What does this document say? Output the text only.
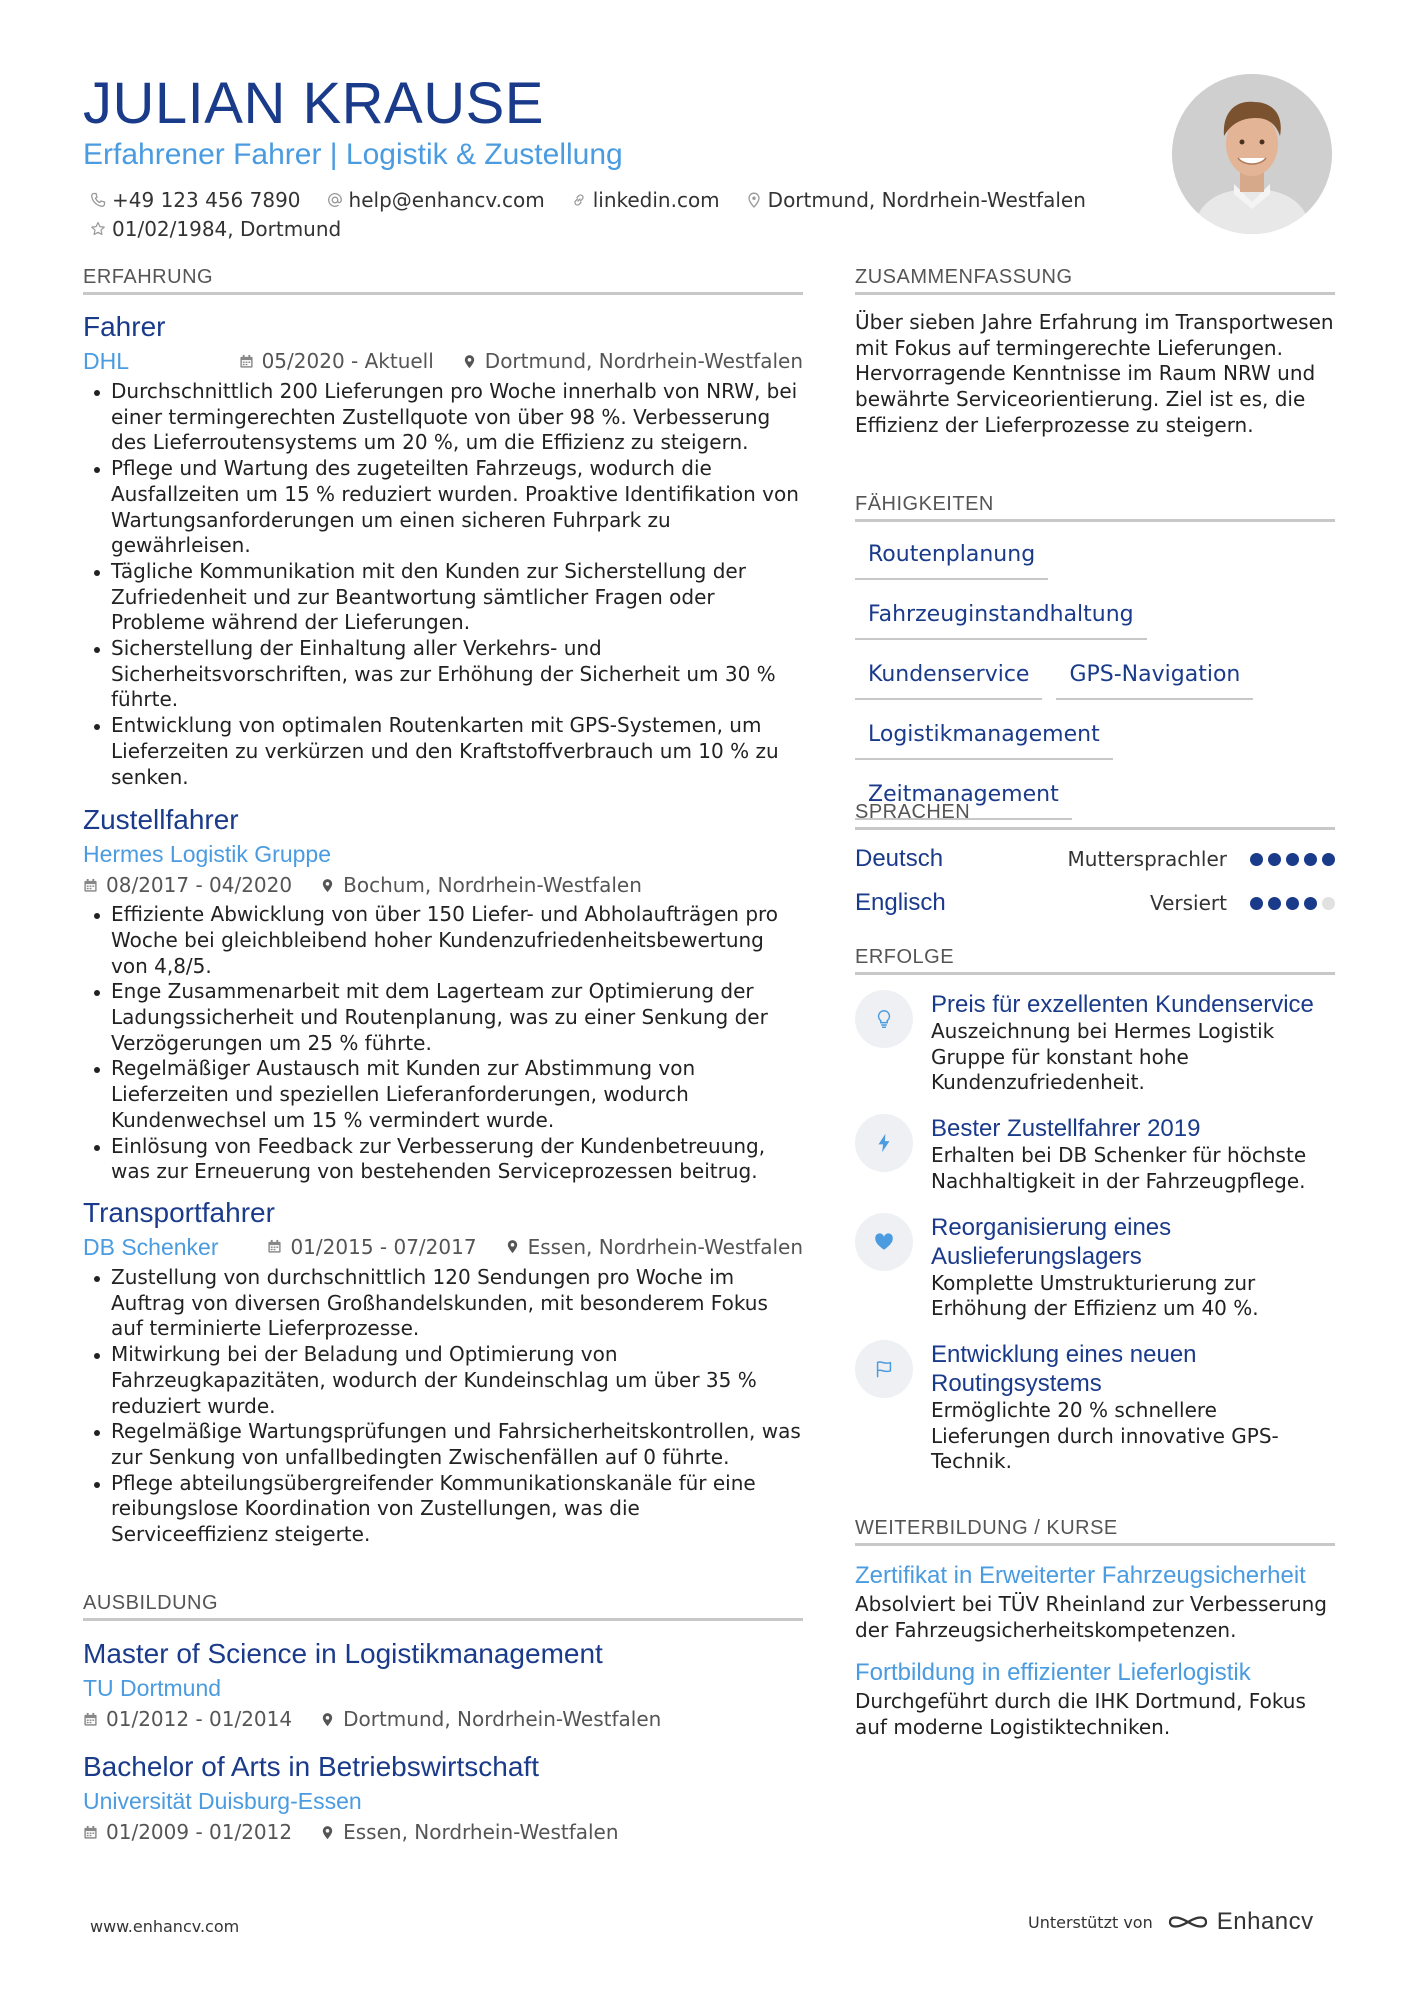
JULIAN KRAUSE
Erfahrener Fahrer | Logistik & Zustellung
+49 123 456 7890 help@enhancv.com linkedin.com Dortmund, Nordrhein-Westfalen
01/02/1984, Dortmund
ERFAHRUNG
Fahrer
DHL	05/2020 - Aktuell	Dortmund, Nordrhein-Westfalen
Durchschnittlich 200 Lieferungen pro Woche innerhalb von NRW, bei einer termingerechten Zustellquote von über 98 %. Verbesserung des Lieferroutensystems um 20 %, um die Effizienz zu steigern.
Pflege und Wartung des zugeteilten Fahrzeugs, wodurch die Ausfallzeiten um 15 % reduziert wurden. Proaktive Identifikation von Wartungsanforderungen um einen sicheren Fuhrpark zu gewährleisen.
Tägliche Kommunikation mit den Kunden zur Sicherstellung der Zufriedenheit und zur Beantwortung sämtlicher Fragen oder Probleme während der Lieferungen.
Sicherstellung der Einhaltung aller Verkehrs- und Sicherheitsvorschriften, was zur Erhöhung der Sicherheit um 30 % führte.
Entwicklung von optimalen Routenkarten mit GPS-Systemen, um Lieferzeiten zu verkürzen und den Kraftstoffverbrauch um 10 % zu senken.
Zustellfahrer
Hermes Logistik Gruppe
08/2017 - 04/2020	Bochum, Nordrhein-Westfalen
Effiziente Abwicklung von über 150 Liefer- und Abholaufträgen pro Woche bei gleichbleibend hoher Kundenzufriedenheitsbewertung von 4,8/5.
Enge Zusammenarbeit mit dem Lagerteam zur Optimierung der Ladungssicherheit und Routenplanung, was zu einer Senkung der Verzögerungen um 25 % führte.
Regelmäßiger Austausch mit Kunden zur Abstimmung von Lieferzeiten und speziellen Lieferanforderungen, wodurch Kundenwechsel um 15 % vermindert wurde.
Einlösung von Feedback zur Verbesserung der Kundenbetreuung, was zur Erneuerung von bestehenden Serviceprozessen beitrug.
Transportfahrer
DB Schenker	01/2015 - 07/2017	Essen, Nordrhein-Westfalen
Zustellung von durchschnittlich 120 Sendungen pro Woche im Auftrag von diversen Großhandelskunden, mit besonderem Fokus auf terminierte Lieferprozesse.
Mitwirkung bei der Beladung und Optimierung von Fahrzeugkapazitäten, wodurch der Kundeinschlag um über 35 % reduziert wurde.
Regelmäßige Wartungsprüfungen und Fahrsicherheitskontrollen, was zur Senkung von unfallbedingten Zwischenfällen auf 0 führte.
Pflege abteilungsübergreifender Kommunikationskanäle für eine reibungslose Koordination von Zustellungen, was die Serviceeffizienz steigerte.
AUSBILDUNG
Master of Science in Logistikmanagement
TU Dortmund
01/2012 - 01/2014	Dortmund, Nordrhein-Westfalen
Bachelor of Arts in Betriebswirtschaft
Universität Duisburg-Essen
01/2009 - 01/2012	Essen, Nordrhein-Westfalen
ZUSAMMENFASSUNG

Über sieben Jahre Erfahrung im Transportwesen mit Fokus auf termingerechte Lieferungen. Hervorragende Kenntnisse im Raum NRW und bewährte Serviceorientierung. Ziel ist es, die Effizienz der Lieferprozesse zu steigern.

FÄHIGKEITEN
Routenplanung
Fahrzeuginstandhaltung
Kundenservice	GPS-Navigation
Logistikmanagement
Zeitmanagement
SPRACHEN
Deutsch	Muttersprachler
Englisch	Versiert
ERFOLGE
Preis für exzellenten Kundenservice
Auszeichnung bei Hermes Logistik Gruppe für konstant hohe Kundenzufriedenheit.
Bester Zustellfahrer 2019
Erhalten bei DB Schenker für höchste Nachhaltigkeit in der Fahrzeugpflege.
Reorganisierung eines Auslieferungslagers
Komplette Umstrukturierung zur Erhöhung der Effizienz um 40 %.
Entwicklung eines neuen Routingsystems
Ermöglichte 20 % schnellere Lieferungen durch innovative GPS-Technik.
WEITERBILDUNG / KURSE
Zertifikat in Erweiterter Fahrzeugsicherheit
Absolviert bei TÜV Rheinland zur Verbesserung der Fahrzeugsicherheitskompetenzen.
Fortbildung in effizienter Lieferlogistik
Durchgeführt durch die IHK Dortmund, Fokus auf moderne Logistiktechniken.
www.enhancv.com	Unterstützt von	Enhancv
